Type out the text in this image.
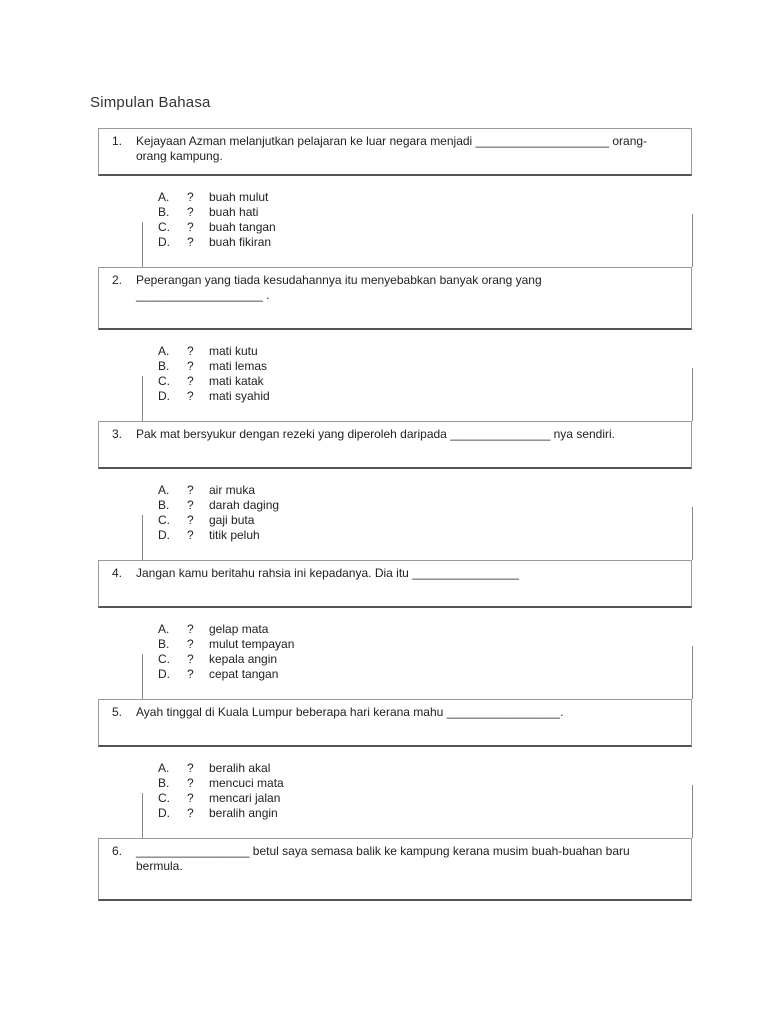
Simpulan Bahasa
1. Kejayaan Azman melanjutkan pelajaran ke luar negara menjadi ____________________ orang-orang kampung.
A. ? buah mulut
B. ? buah hati
C. ? buah tangan
D. ? buah fikiran
2. Peperangan yang tiada kesudahannya itu menyebabkan banyak orang yang ___________________ .
A. ? mati kutu
B. ? mati lemas
C. ? mati katak
D. ? mati syahid
3. Pak mat bersyukur dengan rezeki yang diperoleh daripada _______________ nya sendiri.
A. ? air muka
B. ? darah daging
C. ? gaji buta
D. ? titik peluh
4. Jangan kamu beritahu rahsia ini kepadanya. Dia itu ________________
A. ? gelap mata
B. ? mulut tempayan
C. ? kepala angin
D. ? cepat tangan
5. Ayah tinggal di Kuala Lumpur beberapa hari kerana mahu _________________.
A. ? beralih akal
B. ? mencuci mata
C. ? mencari jalan
D. ? beralih angin
6. _________________ betul saya semasa balik ke kampung kerana musim buah-buahan baru bermula.
